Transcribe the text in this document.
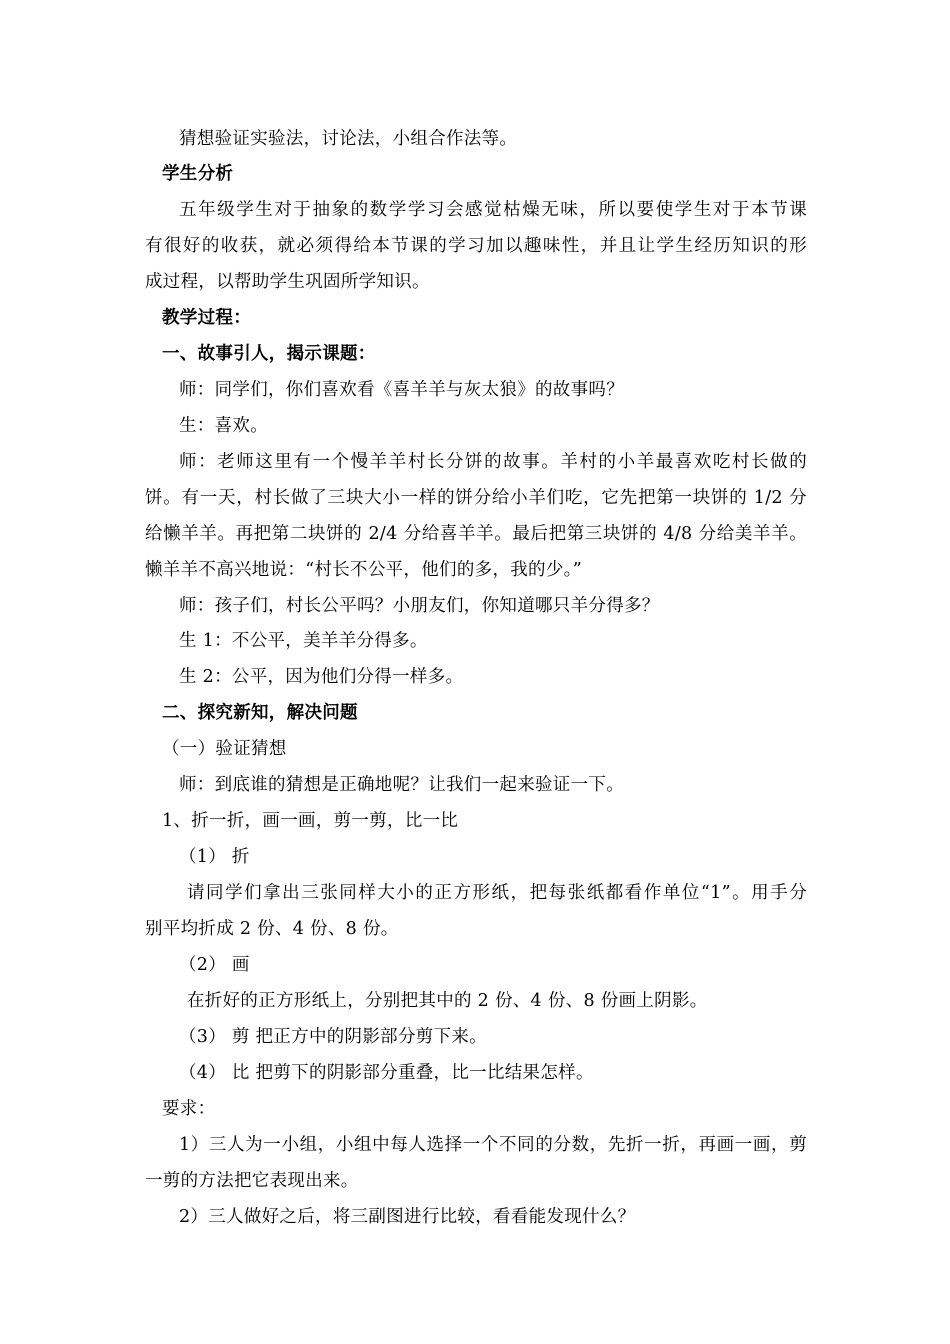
猜想验证实验法，讨论法，小组合作法等。
学生分析
五年级学生对于抽象的数学学习会感觉枯燥无味，所以要使学生对于本节课
有很好的收获，就必须得给本节课的学习加以趣味性，并且让学生经历知识的形
成过程，以帮助学生巩固所学知识。
教学过程：
一、故事引人，揭示课题：
师：同学们，你们喜欢看《喜羊羊与灰太狼》的故事吗？
生：喜欢。
师：老师这里有一个慢羊羊村长分饼的故事。羊村的小羊最喜欢吃村长做的
饼。有一天，村长做了三块大小一样的饼分给小羊们吃，它先把第一块饼的 1/2 分
给懒羊羊。再把第二块饼的 2/4 分给喜羊羊。最后把第三块饼的 4/8 分给美羊羊。
懒羊羊不高兴地说：“村长不公平，他们的多，我的少。”
师：孩子们，村长公平吗？小朋友们，你知道哪只羊分得多？
生 1：不公平，美羊羊分得多。
生 2：公平，因为他们分得一样多。
二、探究新知，解决问题
（一）验证猜想
师：到底谁的猜想是正确地呢？让我们一起来验证一下。
1、折一折，画一画，剪一剪，比一比
（1） 折
请同学们拿出三张同样大小的正方形纸，把每张纸都看作单位“1”。用手分
别平均折成 2 份、4 份、8 份。
（2） 画
在折好的正方形纸上，分别把其中的 2 份、4 份、8 份画上阴影。
（3） 剪 把正方中的阴影部分剪下来。
（4） 比 把剪下的阴影部分重叠，比一比结果怎样。
要求：
1）三人为一小组，小组中每人选择一个不同的分数，先折一折，再画一画，剪
一剪的方法把它表现出来。
2）三人做好之后，将三副图进行比较，看看能发现什么？
